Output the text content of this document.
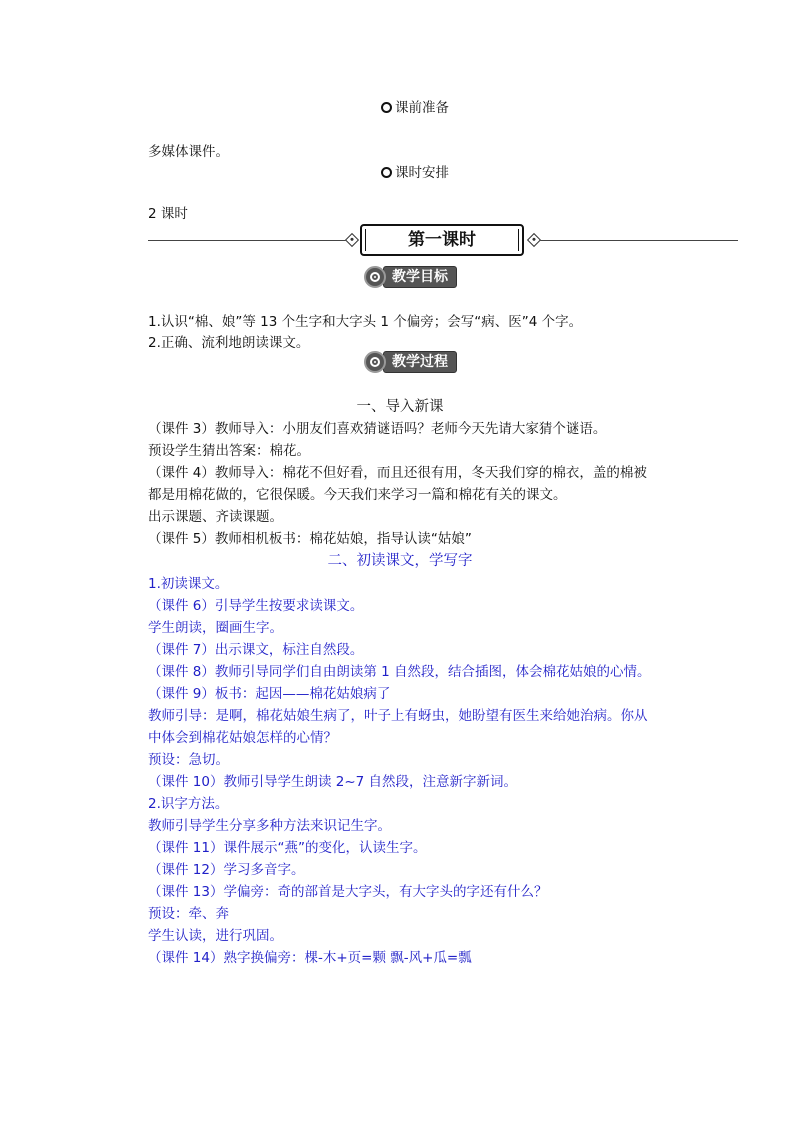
课前准备
多媒体课件。
课时安排
2 课时
第一课时
教学目标
1.认识“棉、娘”等 13 个生字和大字头 1 个偏旁；会写“病、医”4 个字。
2.正确、流利地朗读课文。
教学过程
一、导入新课
（课件 3）教师导入：小朋友们喜欢猜谜语吗？老师今天先请大家猜个谜语。
预设学生猜出答案：棉花。
（课件 4）教师导入：棉花不但好看，而且还很有用，冬天我们穿的棉衣，盖的棉被
都是用棉花做的，它很保暖。今天我们来学习一篇和棉花有关的课文。
出示课题、齐读课题。
（课件 5）教师相机板书：棉花姑娘，指导认读“姑娘”
二、初读课文，学写字
1.初读课文。
（课件 6）引导学生按要求读课文。
学生朗读，圈画生字。
（课件 7）出示课文，标注自然段。
（课件 8）教师引导同学们自由朗读第 1 自然段，结合插图，体会棉花姑娘的心情。
（课件 9）板书：起因——棉花姑娘病了
教师引导：是啊，棉花姑娘生病了，叶子上有蚜虫，她盼望有医生来给她治病。你从
中体会到棉花姑娘怎样的心情？
预设：急切。
（课件 10）教师引导学生朗读 2~7 自然段，注意新字新词。
2.识字方法。
教师引导学生分享多种方法来识记生字。
（课件 11）课件展示“燕”的变化，认读生字。
（课件 12）学习多音字。
（课件 13）学偏旁：奇的部首是大字头，有大字头的字还有什么？
预设：牵、奔
学生认读，进行巩固。
（课件 14）熟字换偏旁：棵-木+页=颗 飘-风+瓜=瓢
